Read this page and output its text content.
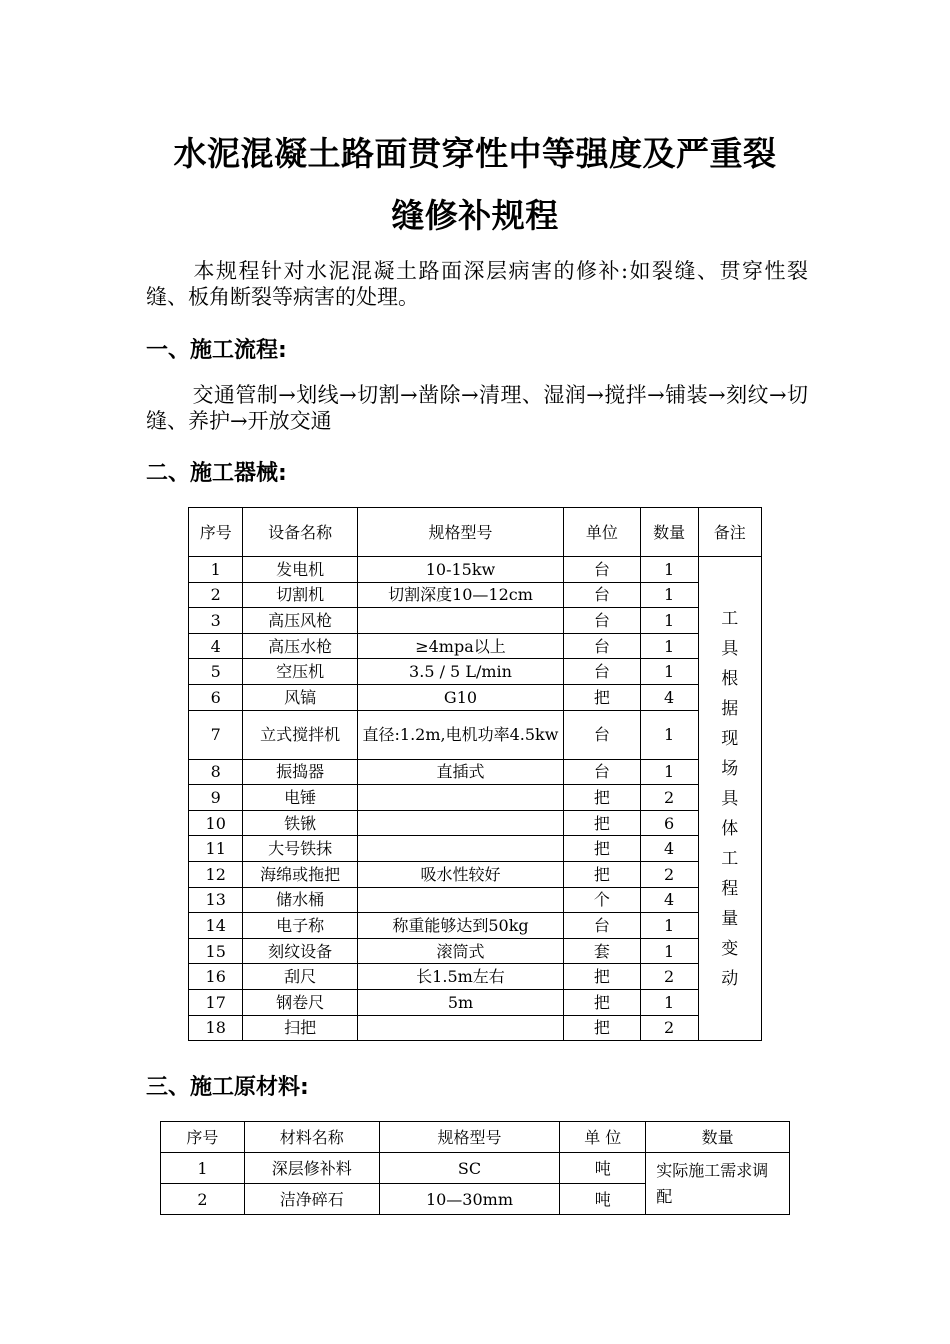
水泥混凝土路面贯穿性中等强度及严重裂
缝修补规程
本规程针对水泥混凝土路面深层病害的修补:如裂缝、贯穿性裂缝、板角断裂等病害的处理。
一、施工流程:
交通管制→划线→切割→凿除→清理、湿润→搅拌→铺装→刻纹→切缝、养护→开放交通
二、施工器械:
序号	设备名称	规格型号	单位	数量	备注
1	发电机	10-15kw	台	1	工具根据现场具体工程量变动

2	切割机	切割深度10—12cm	台	1	
3	高压风枪		台	1	
4	高压水枪	≥4mpa以上	台	1	
5	空压机	3.5 / 5 L/min	台	1	
6	风镐	G10	把	4	
7	立式搅拌机	直径:1.2m,电机功率4.5kw	台	1	
8	振捣器	直插式	台	1	
9	电锤		把	2	
10	铁锹		把	6	
11	大号铁抹		把	4	
12	海绵或拖把	吸水性较好	把	2	
13	储水桶		个	4	
14	电子称	称重能够达到50kg	台	1	
15	刻纹设备	滚筒式	套	1	
16	刮尺	长1.5m左右	把	2	
17	钢卷尺	5m	把	1	
18	扫把		把	2	
三、施工原材料:
序号	材料名称	规格型号	单 位	数量
1	深层修补料	SC	吨	实际施工需求调配
2	洁净碎石	10—30mm	吨	
